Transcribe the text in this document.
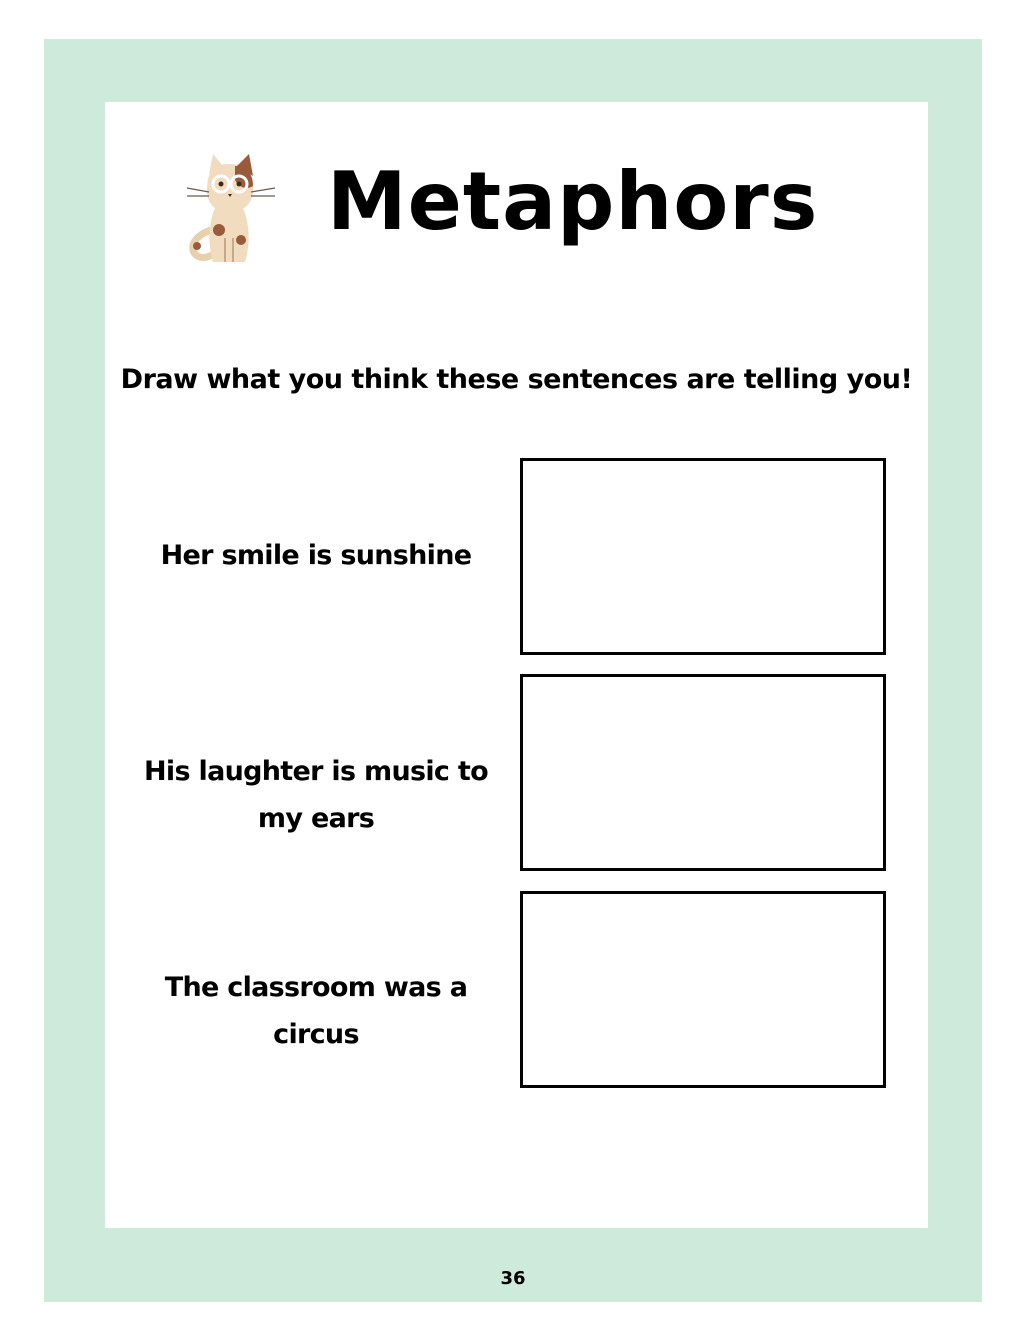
Metaphors
Draw what you think these sentences are telling you!
Her smile is sunshine
His laughter is music to my ears
The classroom was a circus
36
